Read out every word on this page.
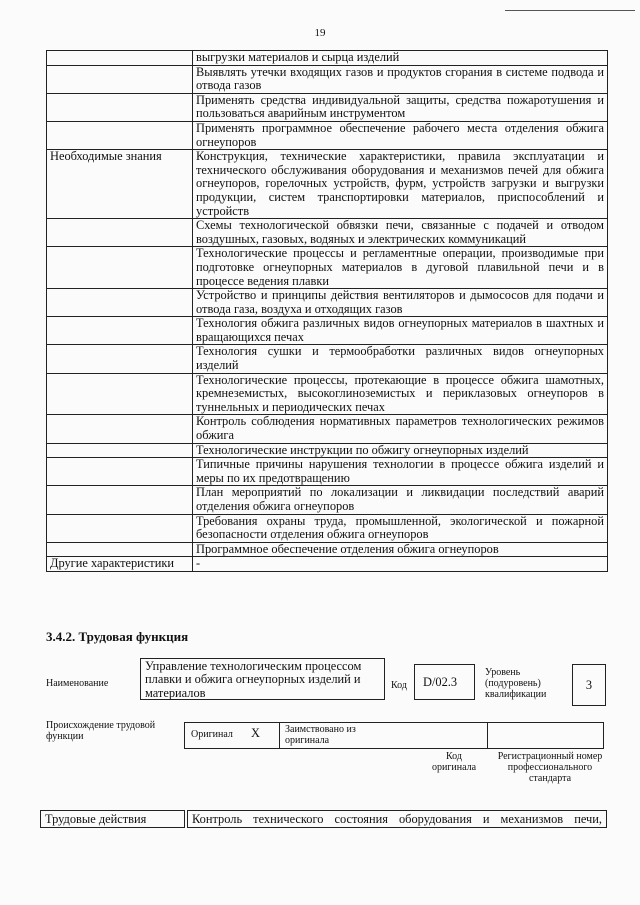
19
	выгрузки материалов и сырца изделий
	Выявлять утечки входящих газов и продуктов сгорания в системе подвода и отвода газов
	Применять средства индивидуальной защиты, средства пожаротушения и пользоваться аварийным инструментом
	Применять программное обеспечение рабочего места отделения обжига огнеупоров
Необходимые знания	Конструкция, технические характеристики, правила эксплуатации и технического обслуживания оборудования и механизмов печей для обжига огнеупоров, горелочных устройств, фурм, устройств загрузки и выгрузки продукции, систем транспортировки материалов, приспособлений и устройств
	Схемы технологической обвязки печи, связанные с подачей и отводом воздушных, газовых, водяных и электрических коммуникаций
	Технологические процессы и регламентные операции, производимые при подготовке огнеупорных материалов в дуговой плавильной печи и в процессе ведения плавки
	Устройство и принципы действия вентиляторов и дымососов для подачи и отвода газа, воздуха и отходящих газов
	Технология обжига различных видов огнеупорных материалов в шахтных и вращающихся печах
	Технология сушки и термообработки различных видов огнеупорных изделий
	Технологические процессы, протекающие в процессе обжига шамотных, кремнеземистых, высокоглиноземистых и периклазовых огнеупоров в туннельных и периодических печах
	Контроль соблюдения нормативных параметров технологических режимов обжига
	Технологические инструкции по обжигу огнеупорных изделий
	Типичные причины нарушения технологии в процессе обжига изделий и меры по их предотвращению
	План мероприятий по локализации и ликвидации последствий аварий отделения обжига огнеупоров
	Требования охраны труда, промышленной, экологической и пожарной безопасности отделения обжига огнеупоров
	Программное обеспечение отделения обжига огнеупоров
Другие характеристики	-
3.4.2. Трудовая функция
Наименование
Управление технологическим процессом плавки и обжига огнеупорных изделий и материалов
Код	D/02.3
Уровень (подуровень) квалификации
3
Происхождение трудовой функции	Оригинал X	Заимствовано из оригинала
Код оригинала
Регистрационный номер профессионального стандарта
Трудовые действия	Контроль технического состояния оборудования и механизмов печи,
